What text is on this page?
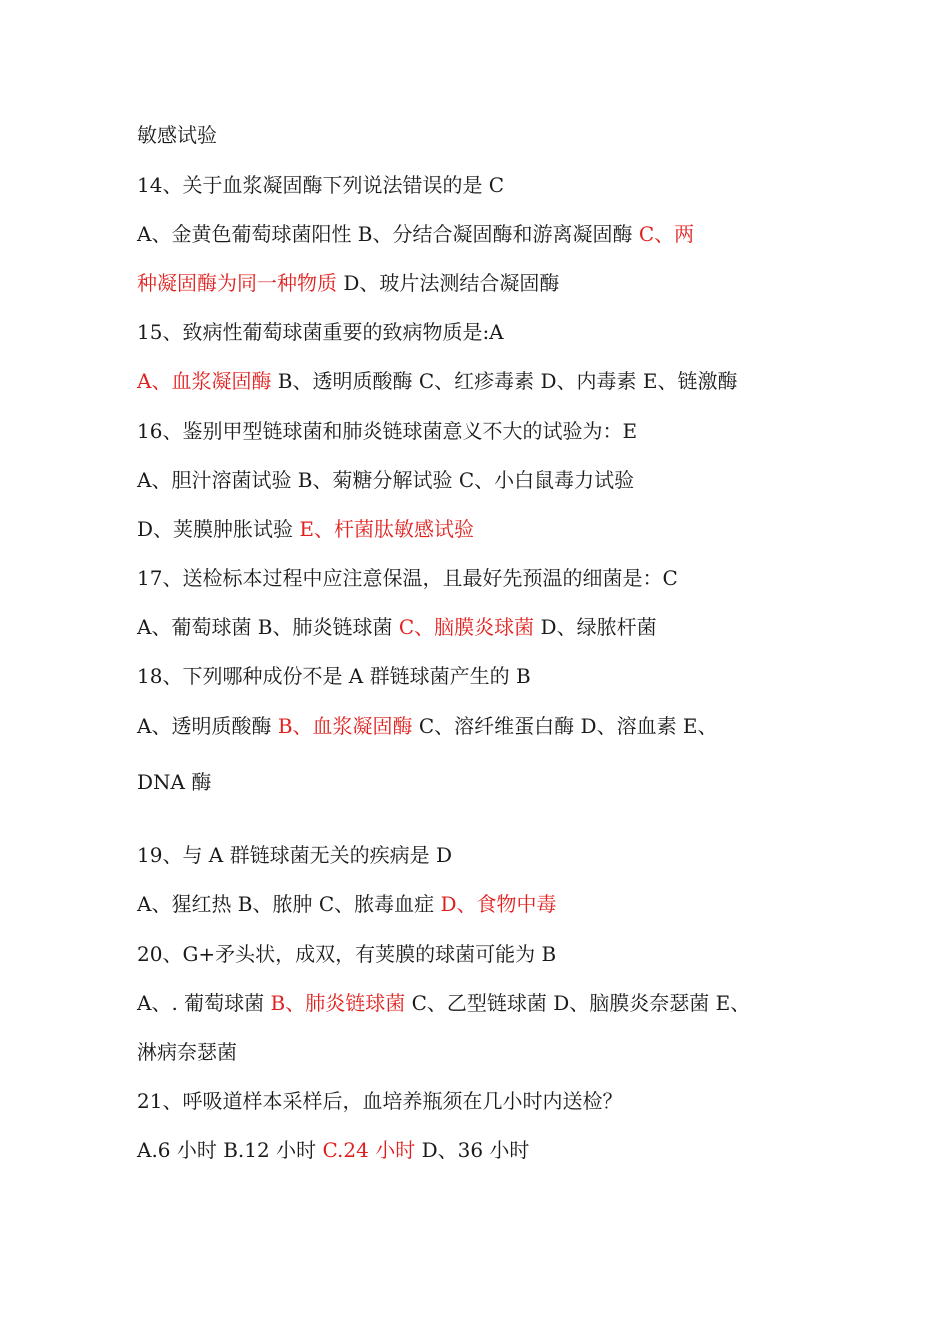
敏感试验
14、关于血浆凝固酶下列说法错误的是 C
A、金黄色葡萄球菌阳性 B、分结合凝固酶和游离凝固酶 C、两
种凝固酶为同一种物质 D、玻片法测结合凝固酶
15、致病性葡萄球菌重要的致病物质是:A
A、血浆凝固酶 B、透明质酸酶 C、红疹毒素 D、内毒素 E、链激酶
16、鉴别甲型链球菌和肺炎链球菌意义不大的试验为：E
A、胆汁溶菌试验 B、菊糖分解试验 C、小白鼠毒力试验
D、荚膜肿胀试验 E、杆菌肽敏感试验
17、送检标本过程中应注意保温，且最好先预温的细菌是：C
A、葡萄球菌 B、肺炎链球菌 C、脑膜炎球菌 D、绿脓杆菌
18、下列哪种成份不是 A 群链球菌产生的 B
A、透明质酸酶 B、血浆凝固酶 C、溶纤维蛋白酶 D、溶血素 E、
DNA 酶
19、与 A 群链球菌无关的疾病是 D
A、猩红热 B、脓肿 C、脓毒血症 D、食物中毒
20、G+矛头状，成双，有荚膜的球菌可能为 B
A、. 葡萄球菌 B、肺炎链球菌 C、乙型链球菌 D、脑膜炎奈瑟菌 E、
淋病奈瑟菌
21、呼吸道样本采样后，血培养瓶须在几小时内送检？
A.6 小时 B.12 小时 C.24 小时 D、36 小时
